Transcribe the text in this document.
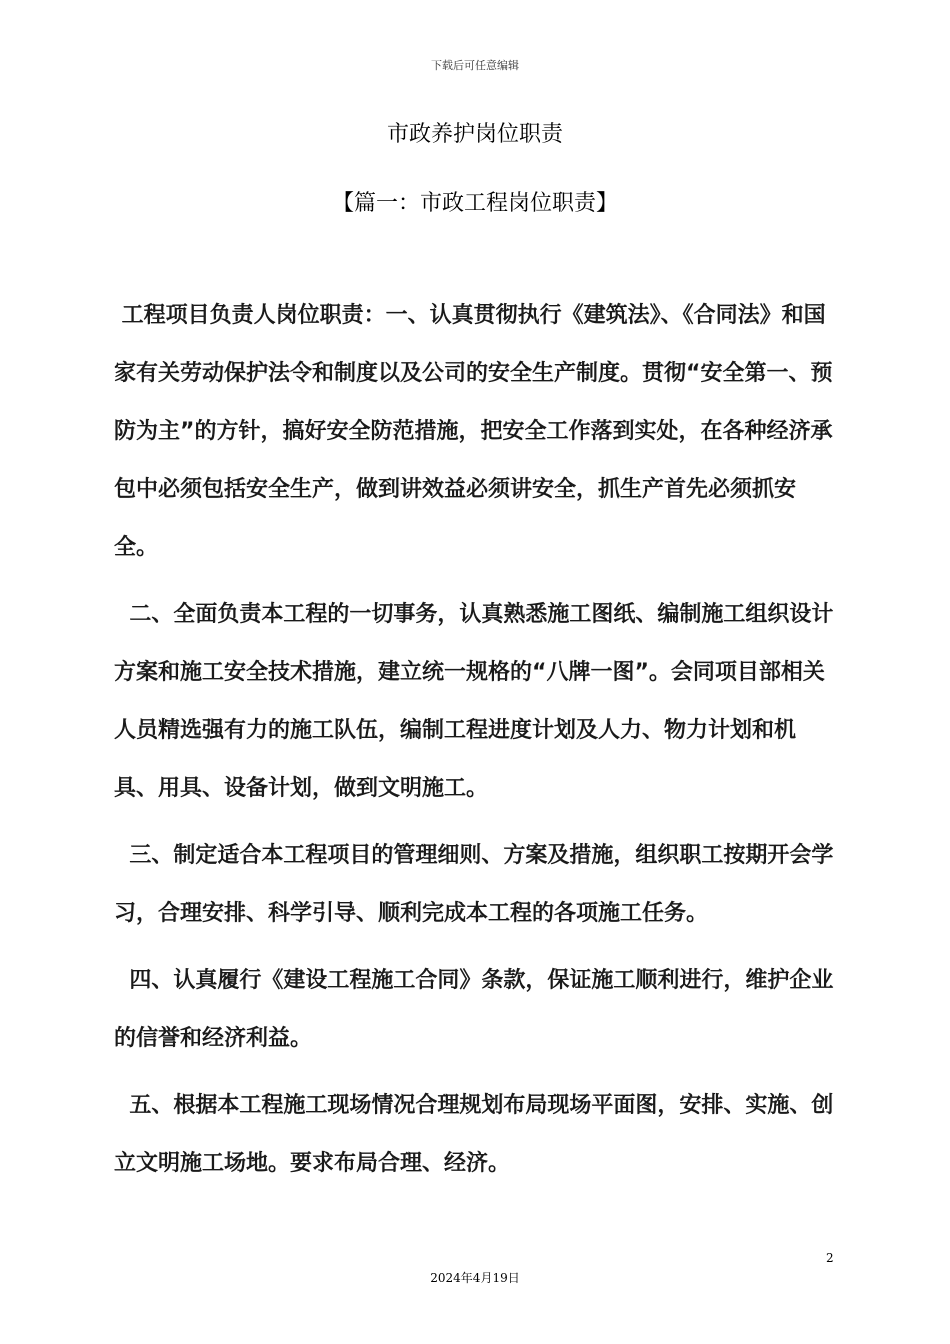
下载后可任意编辑
市政养护岗位职责
【篇一：市政工程岗位职责】

工程项目负责人岗位职责：一、认真贯彻执行《建筑法》、《合同法》和国家有关劳动保护法令和制度以及公司的安全生产制度。贯彻“安全第一、预防为主”的方针，搞好安全防范措施，把安全工作落到实处，在各种经济承包中必须包括安全生产，做到讲效益必须讲安全，抓生产首先必须抓安全。

二、全面负责本工程的一切事务，认真熟悉施工图纸、编制施工组织设计方案和施工安全技术措施，建立统一规格的“八牌一图”。会同项目部相关人员精选强有力的施工队伍，编制工程进度计划及人力、物力计划和机具、用具、设备计划，做到文明施工。

三、制定适合本工程项目的管理细则、方案及措施，组织职工按期开会学习，合理安排、科学引导、顺利完成本工程的各项施工任务。

四、认真履行《建设工程施工合同》条款，保证施工顺利进行，维护企业的信誉和经济利益。

五、根据本工程施工现场情况合理规划布局现场平面图，安排、实施、创立文明施工场地。要求布局合理、经济。

2
2024年4月19日
